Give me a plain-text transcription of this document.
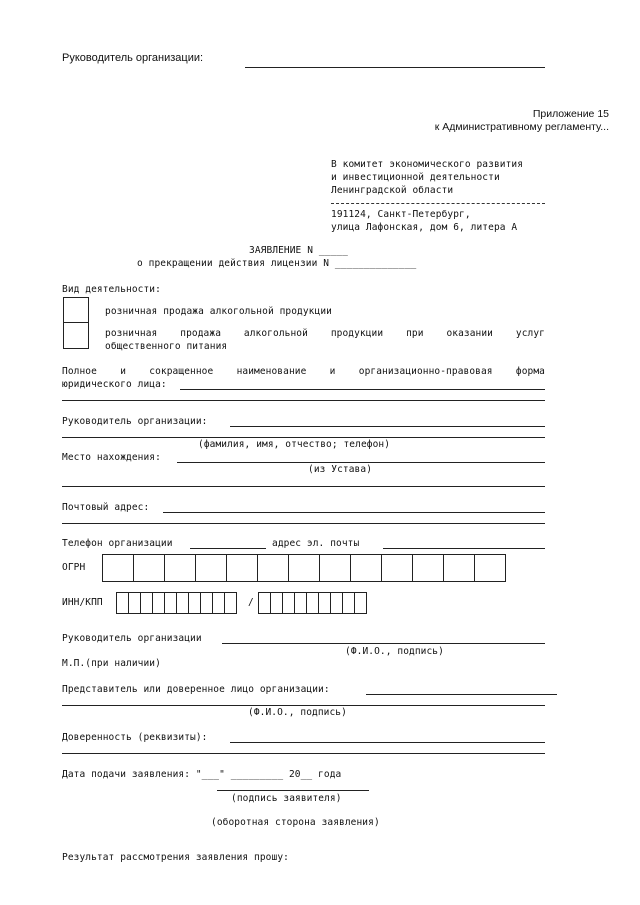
Руководитель организации:
Приложение 15
к Административному регламенту...
В комитет экономического развития
и инвестиционной деятельности
Ленинградской области
191124, Санкт-Петербург,
улица Лафонская, дом 6, литера А
ЗАЯВЛЕНИЕ N _____
о прекращении действия лицензии N ______________
Вид деятельности:
розничная продажа алкогольной продукции
розничная продажа алкогольной продукции при оказании услуг
общественного питания
Полное и сокращенное наименование и организационно-правовая форма
юридического лица:
Руководитель организации:
(фамилия, имя, отчество; телефон)
Место нахождения:
(из Устава)
Почтовый адрес:
Телефон организации	адрес эл. почты
ОГРН
ИНН/КПП	/
Руководитель организации
(Ф.И.О., подпись)
М.П.(при наличии)
Представитель или доверенное лицо организации:
(Ф.И.О., подпись)
Доверенность (реквизиты):
Дата подачи заявления: "___" _________ 20__ года
(подпись заявителя)
(оборотная сторона заявления)
Результат рассмотрения заявления прошу:
